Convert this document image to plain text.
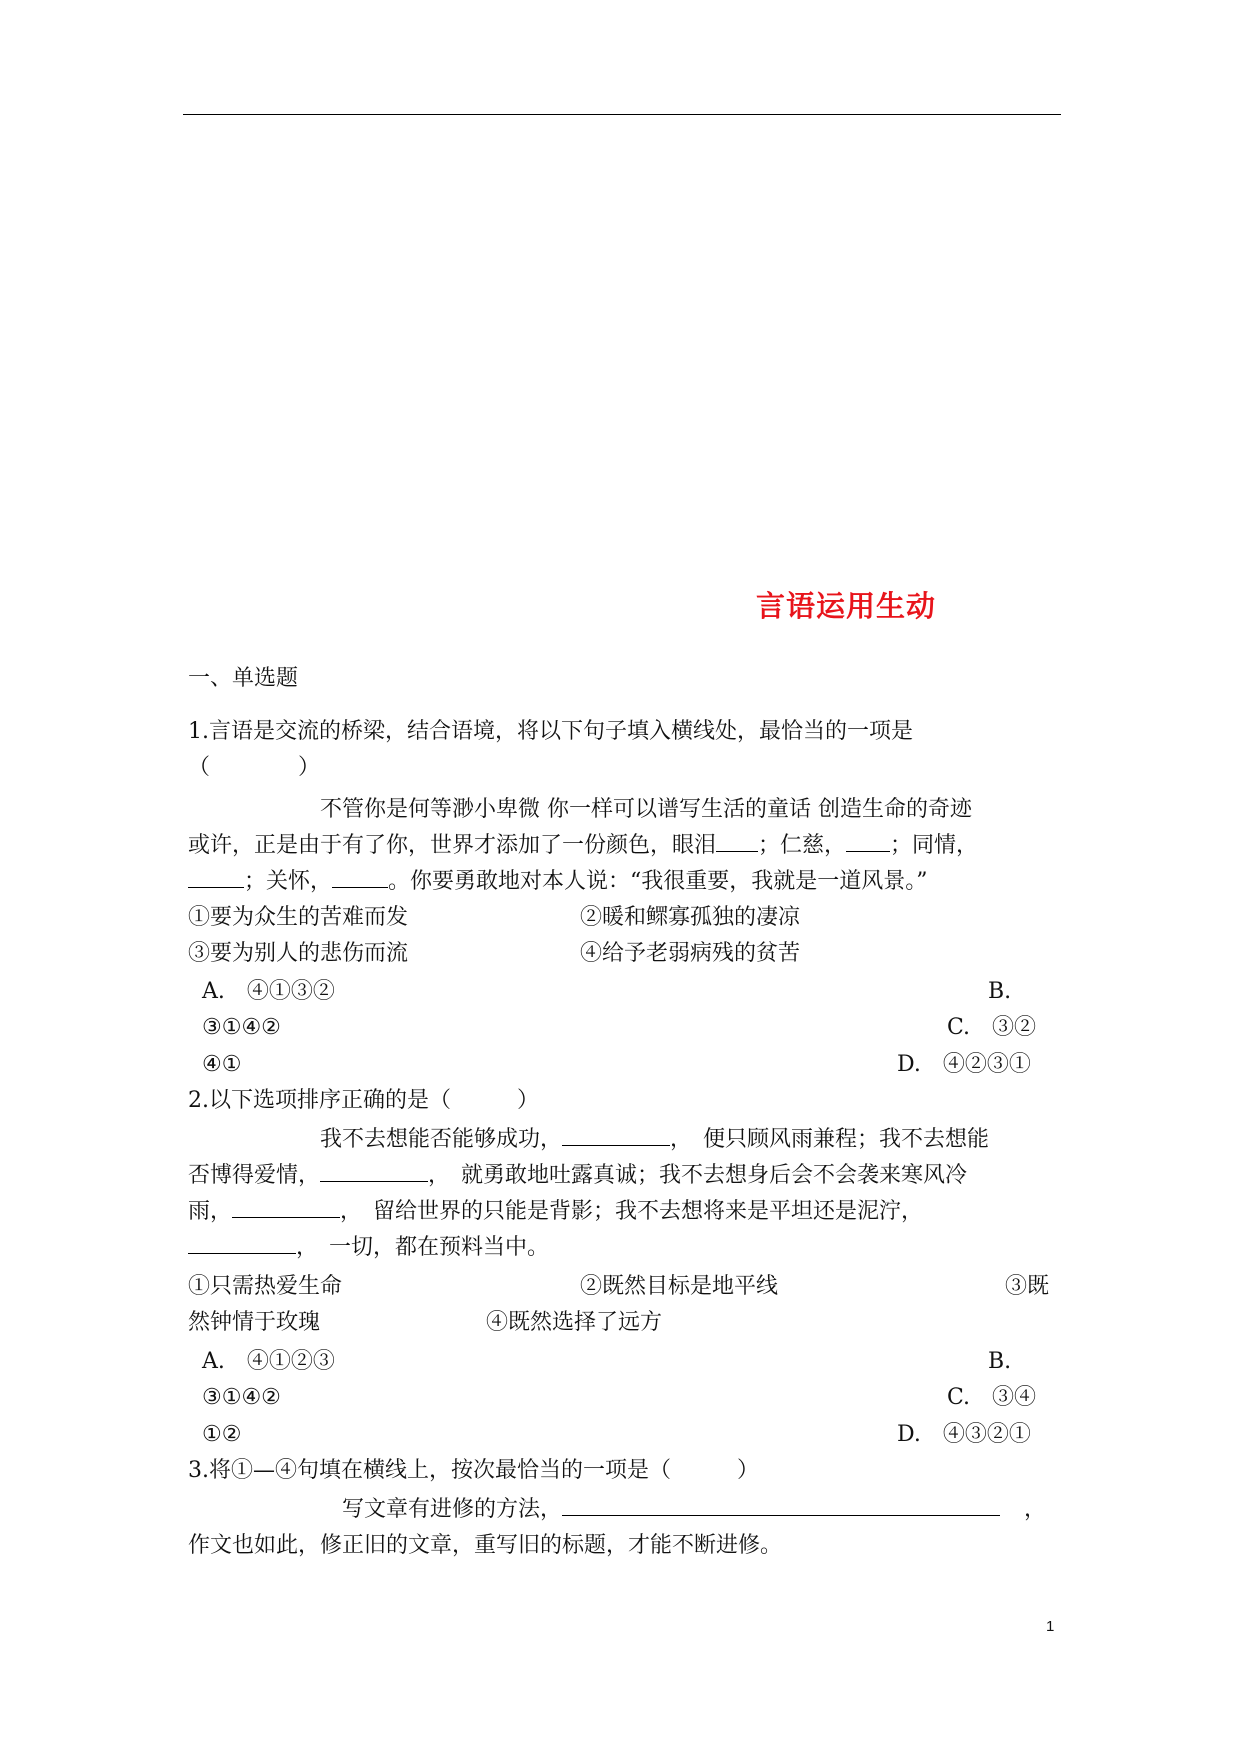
言语运用生动
一、单选题
1.言语是交流的桥梁，结合语境，将以下句子填入横线处，最恰当的一项是
（　　　　）
不管你是何等渺小卑微 你一样可以谱写生活的童话 创造生命的奇迹
或许，正是由于有了你，世界才添加了一份颜色，眼泪 ；仁慈， ；同情，
；关怀，	。你要勇敢地对本人说：“我很重要，我就是一道风景。”
①要为众生的苦难而发	②暖和鳏寡孤独的凄凉
③要为别人的悲伤而流	④给予老弱病残的贫苦
A.　④①③②	B.
③①④②	C.　③②
④①	D.　④②③①
2.以下选项排序正确的是（　　　）
我不去想能否能够成功，	，　便只顾风雨兼程；我不去想能
否博得爱情，	，　就勇敢地吐露真诚；我不去想身后会不会袭来寒风冷
雨，	，　留给世界的只能是背影；我不去想将来是平坦还是泥泞，
，　一切，都在预料当中。
①只需热爱生命	②既然目标是地平线	③既
然钟情于玫瑰	④既然选择了远方
A.　④①②③	B.
③①④②	C.　③④
①②	D.　④③②①
3.将①—④句填在横线上，按次最恰当的一项是（　　　）
写文章有进修的方法，	，
作文也如此，修正旧的文章，重写旧的标题，才能不断进修。
1
